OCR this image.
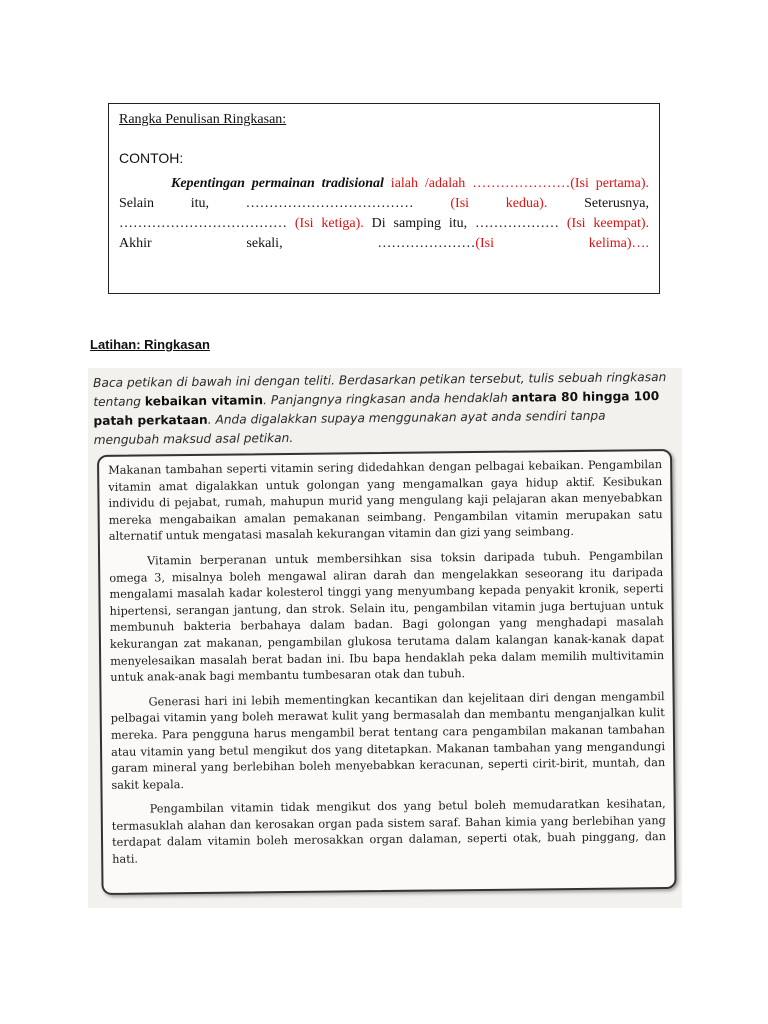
Rangka Penulisan Ringkasan:
CONTOH:
Kepentingan permainan tradisional ialah /adalah …………………(Isi pertama). Selain itu, ……………………………… (Isi kedua). Seterusnya, ……………………………… (Isi ketiga). Di samping itu, ……………… (Isi keempat). Akhir sekali, …………………(Isi kelima)….
Latihan: Ringkasan
Baca petikan di bawah ini dengan teliti. Berdasarkan petikan tersebut, tulis sebuah ringkasan tentang kebaikan vitamin. Panjangnya ringkasan anda hendaklah antara 80 hingga 100 patah perkataan. Anda digalakkan supaya menggunakan ayat anda sendiri tanpa mengubah maksud asal petikan.

Makanan tambahan seperti vitamin sering didedahkan dengan pelbagai kebaikan. Pengambilan vitamin amat digalakkan untuk golongan yang mengamalkan gaya hidup aktif. Kesibukan individu di pejabat, rumah, mahupun murid yang mengulang kaji pelajaran akan menyebabkan mereka mengabaikan amalan pemakanan seimbang. Pengambilan vitamin merupakan satu alternatif untuk mengatasi masalah kekurangan vitamin dan gizi yang seimbang.

Vitamin berperanan untuk membersihkan sisa toksin daripada tubuh. Pengambilan omega 3, misalnya boleh mengawal aliran darah dan mengelakkan seseorang itu daripada mengalami masalah kadar kolesterol tinggi yang menyumbang kepada penyakit kronik, seperti hipertensi, serangan jantung, dan strok. Selain itu, pengambilan vitamin juga bertujuan untuk membunuh bakteria berbahaya dalam badan. Bagi golongan yang menghadapi masalah kekurangan zat makanan, pengambilan glukosa terutama dalam kalangan kanak-kanak dapat menyelesaikan masalah berat badan ini. Ibu bapa hendaklah peka dalam memilih multivitamin untuk anak-anak bagi membantu tumbesaran otak dan tubuh.

Generasi hari ini lebih mementingkan kecantikan dan kejelitaan diri dengan mengambil pelbagai vitamin yang boleh merawat kulit yang bermasalah dan membantu menganjalkan kulit mereka. Para pengguna harus mengambil berat tentang cara pengambilan makanan tambahan atau vitamin yang betul mengikut dos yang ditetapkan. Makanan tambahan yang mengandungi garam mineral yang berlebihan boleh menyebabkan keracunan, seperti cirit-birit, muntah, dan sakit kepala.

Pengambilan vitamin tidak mengikut dos yang betul boleh memudaratkan kesihatan, termasuklah alahan dan kerosakan organ pada sistem saraf. Bahan kimia yang berlebihan yang terdapat dalam vitamin boleh merosakkan organ dalaman, seperti otak, buah pinggang, dan hati.
